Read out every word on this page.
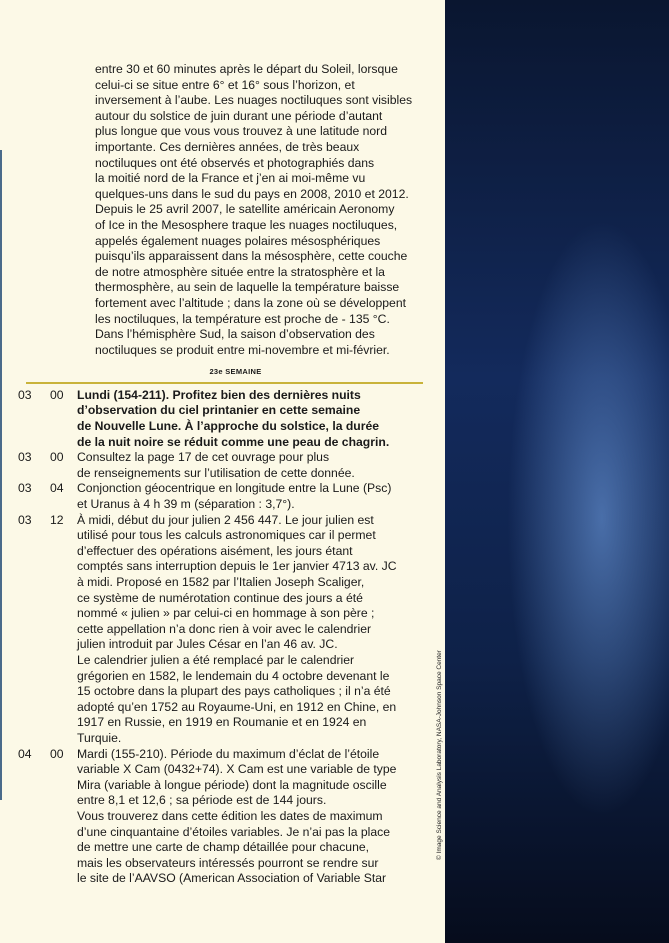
entre 30 et 60 minutes après le départ du Soleil, lorsque

celui-ci se situe entre 6° et 16° sous l’horizon, et

inversement à l’aube. Les nuages noctiluques sont visibles

autour du solstice de juin durant une période d’autant

plus longue que vous vous trouvez à une latitude nord

importante. Ces dernières années, de très beaux

noctiluques ont été observés et photographiés dans

la moitié nord de la France et j’en ai moi-même vu

quelques-uns dans le sud du pays en 2008, 2010 et 2012.

Depuis le 25 avril 2007, le satellite américain Aeronomy

of Ice in the Mesosphere traque les nuages noctiluques,

appelés également nuages polaires mésosphériques

puisqu’ils apparaissent dans la mésosphère, cette couche

de notre atmosphère située entre la stratosphère et la

thermosphère, au sein de laquelle la température baisse

fortement avec l’altitude ; dans la zone où se développent

les noctiluques, la température est proche de - 135 °C.

Dans l’hémisphère Sud, la saison d’observation des

noctiluques se produit entre mi-novembre et mi-février.

23e SEMAINE
03	00	Lundi (154-211). Profitez bien des dernières nuits

d’observation du ciel printanier en cette semaine

de Nouvelle Lune. À l’approche du solstice, la durée

de la nuit noire se réduit comme une peau de chagrin.

03	00	Consultez la page 17 de cet ouvrage pour plus

de renseignements sur l’utilisation de cette donnée.

03	04	Conjonction géocentrique en longitude entre la Lune (Psc)

et Uranus à 4 h 39 m (séparation : 3,7°).

03	12	À midi, début du jour julien 2 456 447. Le jour julien est

utilisé pour tous les calculs astronomiques car il permet

d’effectuer des opérations aisément, les jours étant

comptés sans interruption depuis le 1er janvier 4713 av. JC

à midi. Proposé en 1582 par l’Italien Joseph Scaliger,

ce système de numérotation continue des jours a été

nommé « julien » par celui-ci en hommage à son père ;

cette appellation n’a donc rien à voir avec le calendrier

julien introduit par Jules César en l’an 46 av. JC.

Le calendrier julien a été remplacé par le calendrier

grégorien en 1582, le lendemain du 4 octobre devenant le

15 octobre dans la plupart des pays catholiques ; il n’a été

adopté qu’en 1752 au Royaume-Uni, en 1912 en Chine, en

1917 en Russie, en 1919 en Roumanie et en 1924 en

Turquie.

04	00	Mardi (155-210). Période du maximum d’éclat de l’étoile

variable X Cam (0432+74). X Cam est une variable de type

Mira (variable à longue période) dont la magnitude oscille

entre 8,1 et 12,6 ; sa période est de 144 jours.

Vous trouverez dans cette édition les dates de maximum

d’une cinquantaine d’étoiles variables. Je n’ai pas la place

de mettre une carte de champ détaillée pour chacune,

mais les observateurs intéressés pourront se rendre sur

le site de l’AAVSO (American Association of Variable Star

© Image Science and Analysis Laboratory, NASA-Johnson Space Center
